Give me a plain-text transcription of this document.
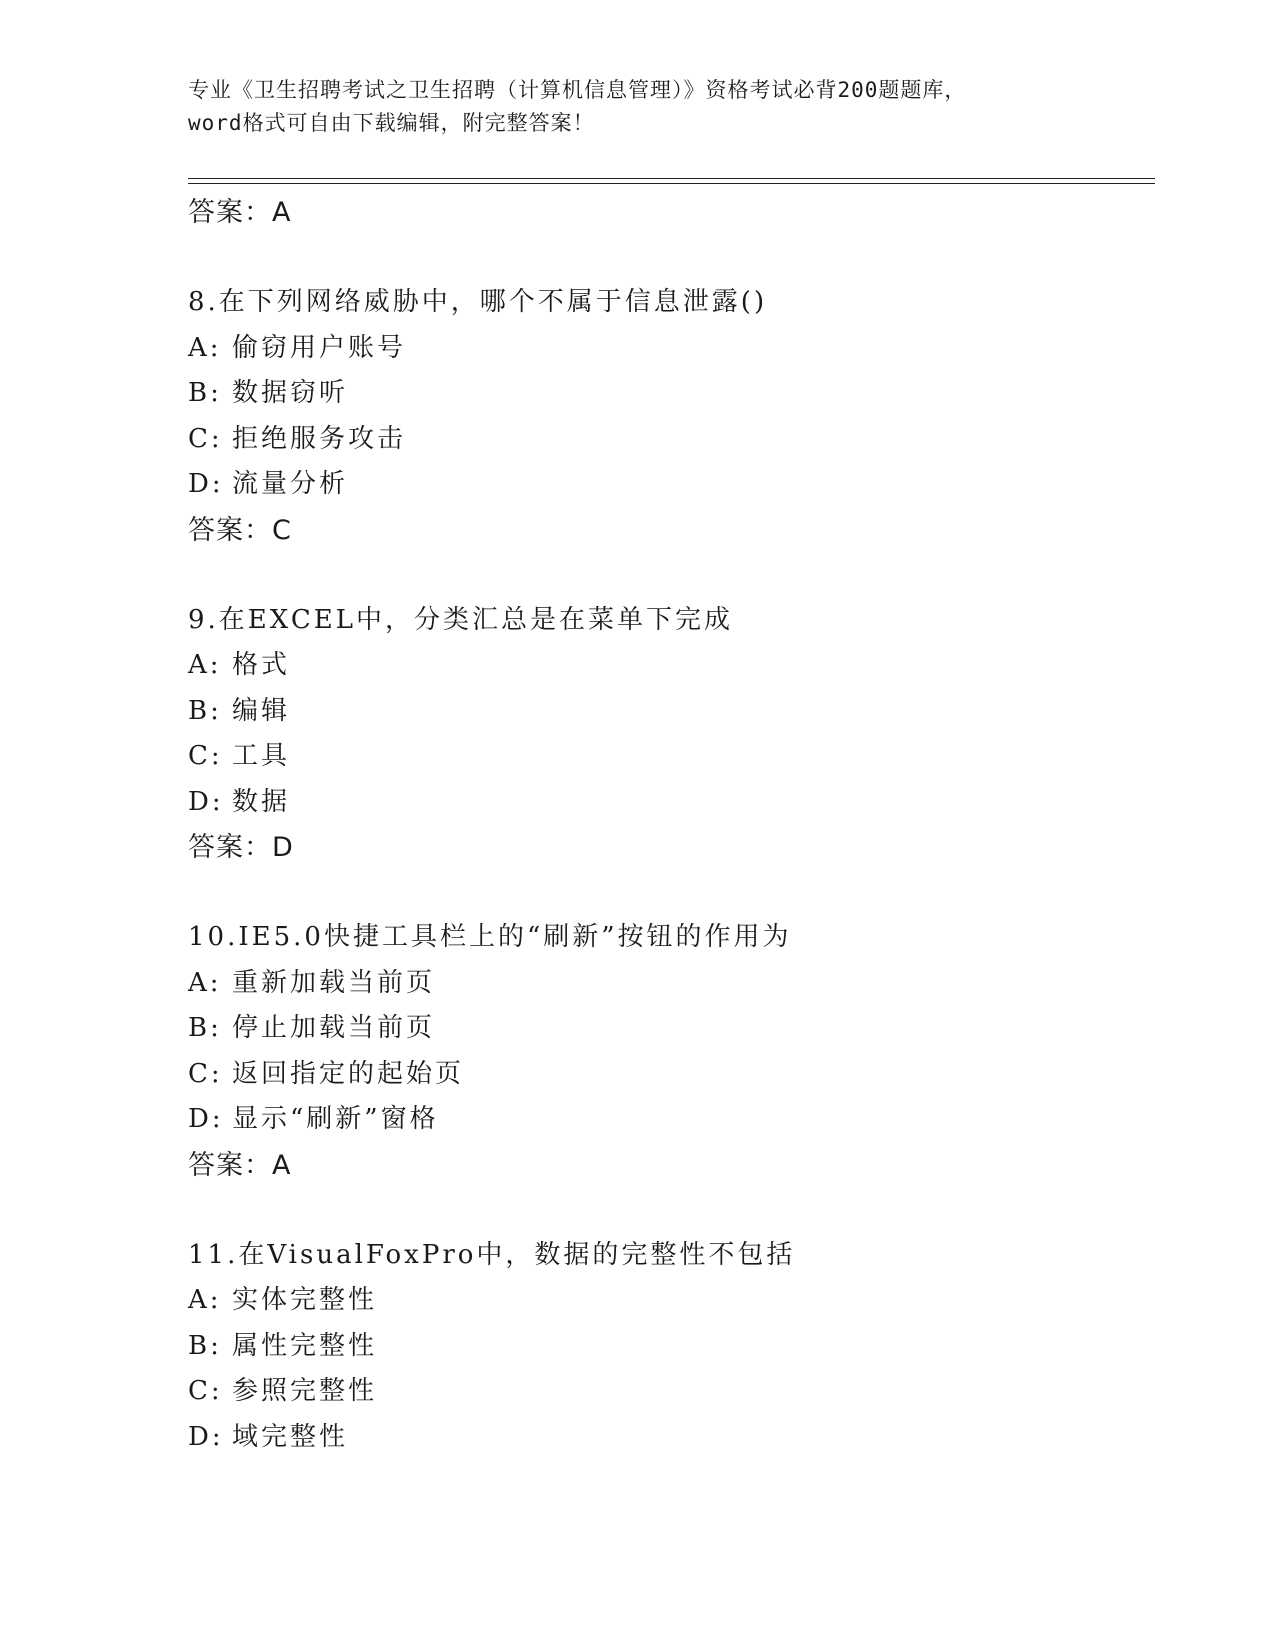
专业《卫生招聘考试之卫生招聘（计算机信息管理）》资格考试必背200题题库，
word格式可自由下载编辑，附完整答案！
答案：A
8.在下列网络威胁中，哪个不属于信息泄露()
A: 偷窃用户账号
B: 数据窃听
C: 拒绝服务攻击
D: 流量分析
答案：C
9.在EXCEL中，分类汇总是在菜单下完成
A: 格式
B: 编辑
C: 工具
D: 数据
答案：D
10.IE5.0快捷工具栏上的“刷新”按钮的作用为
A: 重新加载当前页
B: 停止加载当前页
C: 返回指定的起始页
D: 显示“刷新”窗格
答案：A
11.在VisualFoxPro中，数据的完整性不包括
A: 实体完整性
B: 属性完整性
C: 参照完整性
D: 域完整性
